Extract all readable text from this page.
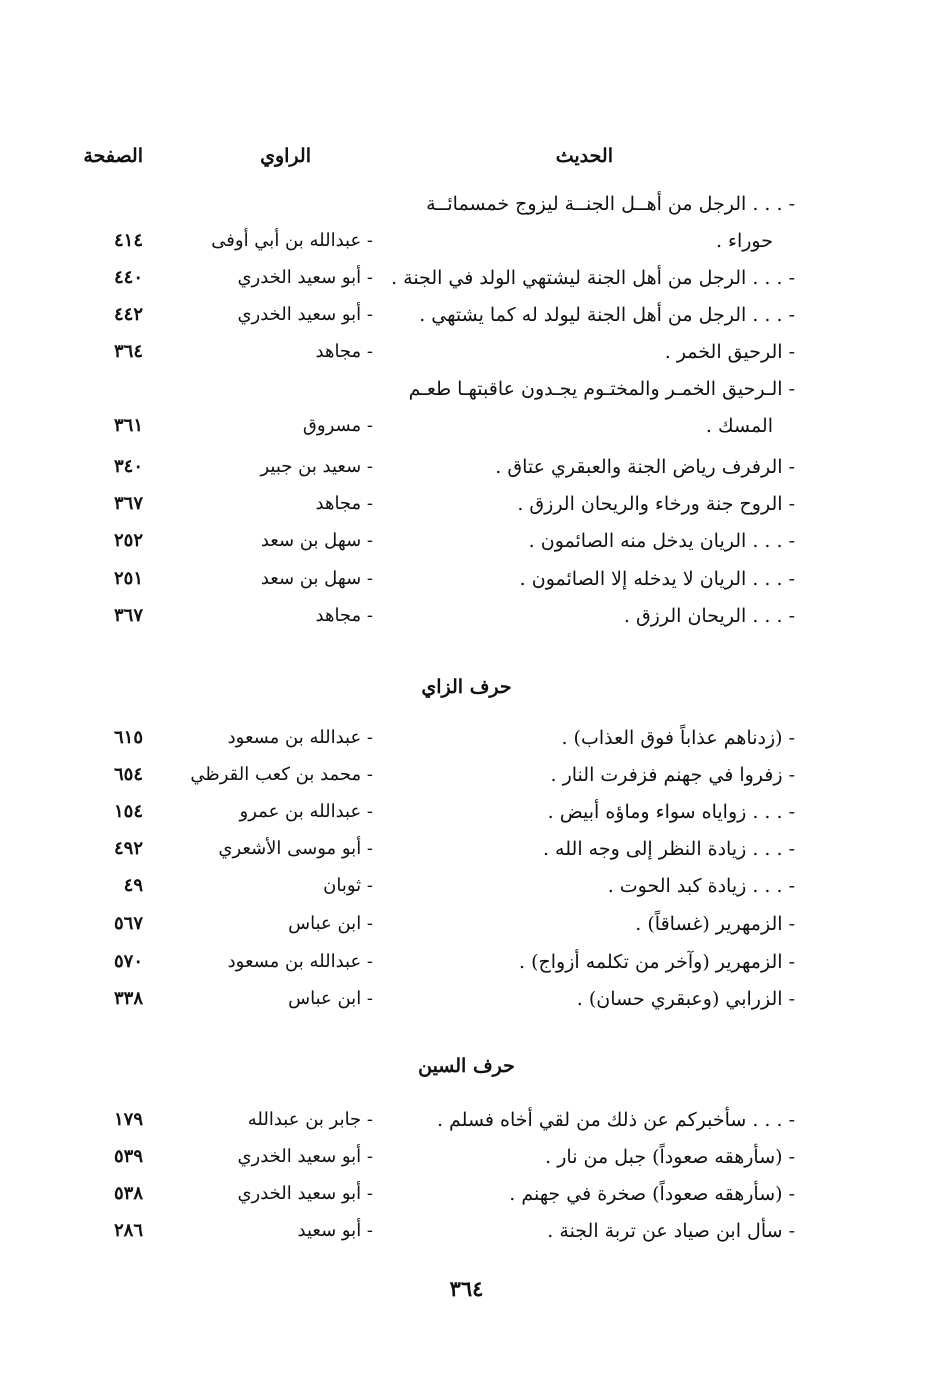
الحديث
الراوي
الصفحة
- . . . الرجل من أهــل الجنــة ليزوج خمسمائــة
حوراء .
- عبدالله بن أبي أوفى
٤١٤
- . . . الرجل من أهل الجنة ليشتهي الولد في الجنة .
- أبو سعيد الخدري
٤٤٠
- . . . الرجل من أهل الجنة ليولد له كما يشتهي .
- أبو سعيد الخدري
٤٤٢
- الرحيق الخمر .
- مجاهد
٣٦٤
- الـرحيق الخمـر والمختـوم يجـدون عاقبتهـا طعـم
المسك .
- مسروق
٣٦١
- الرفرف رياض الجنة والعبقري عتاق .
- سعيد بن جبير
٣٤٠
- الروح جنة ورخاء والريحان الرزق .
- مجاهد
٣٦٧
- . . . الريان يدخل منه الصائمون .
- سهل بن سعد
٢٥٢
- . . . الريان لا يدخله إلا الصائمون .
- سهل بن سعد
٢٥١
- . . . الريحان الرزق .
- مجاهد
٣٦٧
حرف الزاي
- (زدناهم عذاباً فوق العذاب) .
- عبدالله بن مسعود
٦١٥
- زفروا في جهنم فزفرت النار .
- محمد بن كعب القرظي
٦٥٤
- . . . زواياه سواء وماؤه أبيض .
- عبدالله بن عمرو
١٥٤
- . . . زيادة النظر إلى وجه الله .
- أبو موسى الأشعري
٤٩٢
- . . . زيادة كبد الحوت .
- ثوبان
٤٩
- الزمهرير (غساقاً) .
- ابن عباس
٥٦٧
- الزمهرير (وآخر من تكلمه أزواج) .
- عبدالله بن مسعود
٥٧٠
- الزرابي (وعبقري حسان) .
- ابن عباس
٣٣٨
حرف السين
- . . . سأخبركم عن ذلك من لقي أخاه فسلم .
- جابر بن عبدالله
١٧٩
- (سأرهقه صعوداً) جبل من نار .
- أبو سعيد الخدري
٥٣٩
- (سأرهقه صعوداً) صخرة في جهنم .
- أبو سعيد الخدري
٥٣٨
- سأل ابن صياد عن تربة الجنة .
- أبو سعيد
٢٨٦
٣٦٤
